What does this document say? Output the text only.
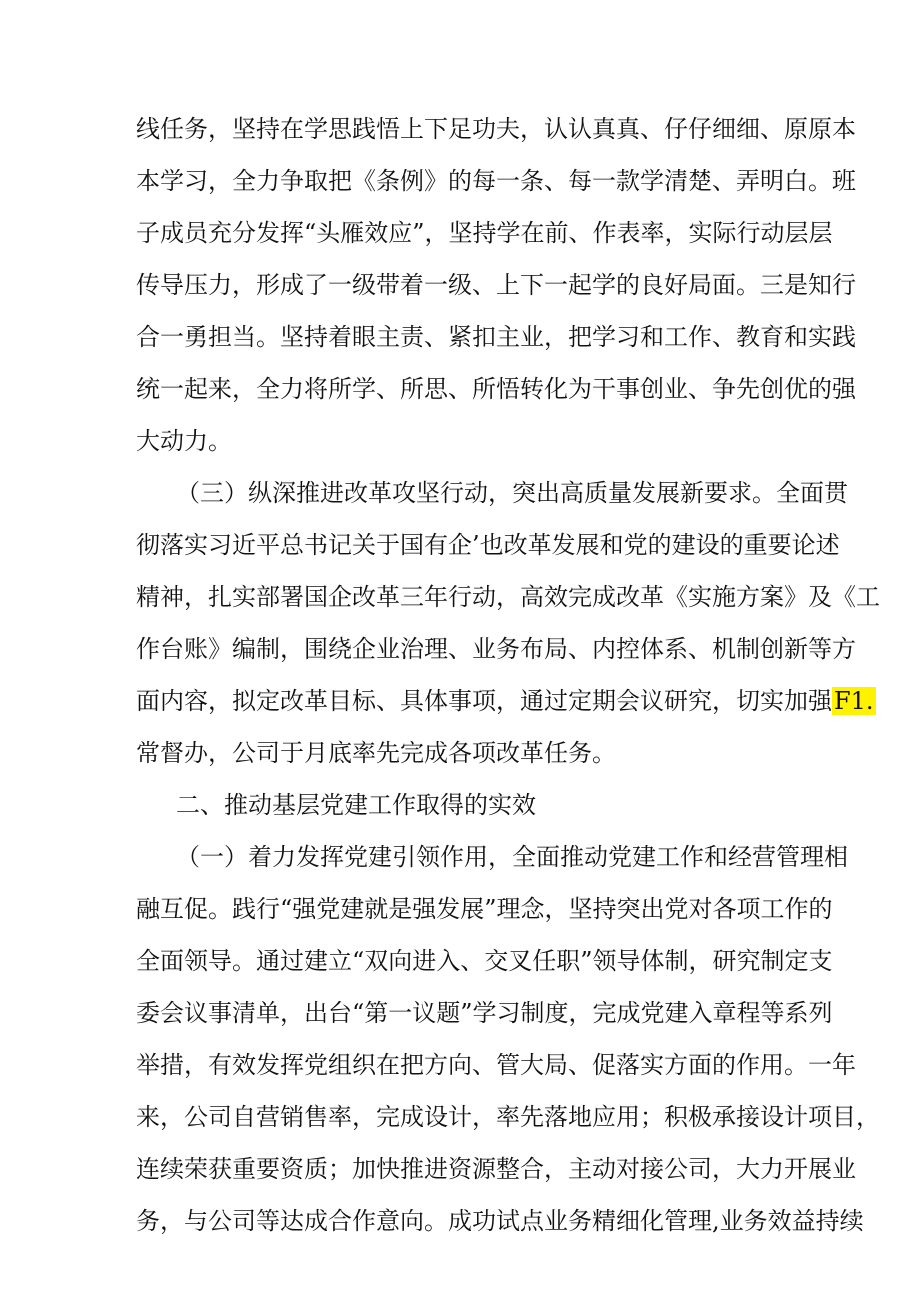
线任务，坚持在学思践悟上下足功夫，认认真真、仔仔细细、原原本
本学习，全力争取把《条例》的每一条、每一款学清楚、弄明白。班
子成员充分发挥“头雁效应”，坚持学在前、作表率，实际行动层层
传导压力，形成了一级带着一级、上下一起学的良好局面。三是知行
合一勇担当。坚持着眼主责、紧扣主业，把学习和工作、教育和实践
统一起来，全力将所学、所思、所悟转化为干事创业、争先创优的强
大动力。
（三）纵深推进改革攻坚行动，突出高质量发展新要求。全面贯
彻落实习近平总书记关于国有企’也改革发展和党的建设的重要论述
精神，扎实部署国企改革三年行动，高效完成改革《实施方案》及《工
作台账》编制，围绕企业治理、业务布局、内控体系、机制创新等方
面内容，拟定改革目标、具体事项，通过定期会议研究，切实加强F1.
常督办，公司于月底率先完成各项改革任务。
二、推动基层党建工作取得的实效
（一）着力发挥党建引领作用，全面推动党建工作和经营管理相
融互促。践行“强党建就是强发展”理念，坚持突出党对各项工作的
全面领导。通过建立“双向进入、交叉任职”领导体制，研究制定支
委会议事清单，出台“第一议题”学习制度，完成党建入章程等系列
举措，有效发挥党组织在把方向、管大局、促落实方面的作用。一年
来，公司自营销售率，完成设计，率先落地应用；积极承接设计项目，
连续荣获重要资质；加快推进资源整合，主动对接公司，大力开展业
务，与公司等达成合作意向。成功试点业务精细化管理,业务效益持续
